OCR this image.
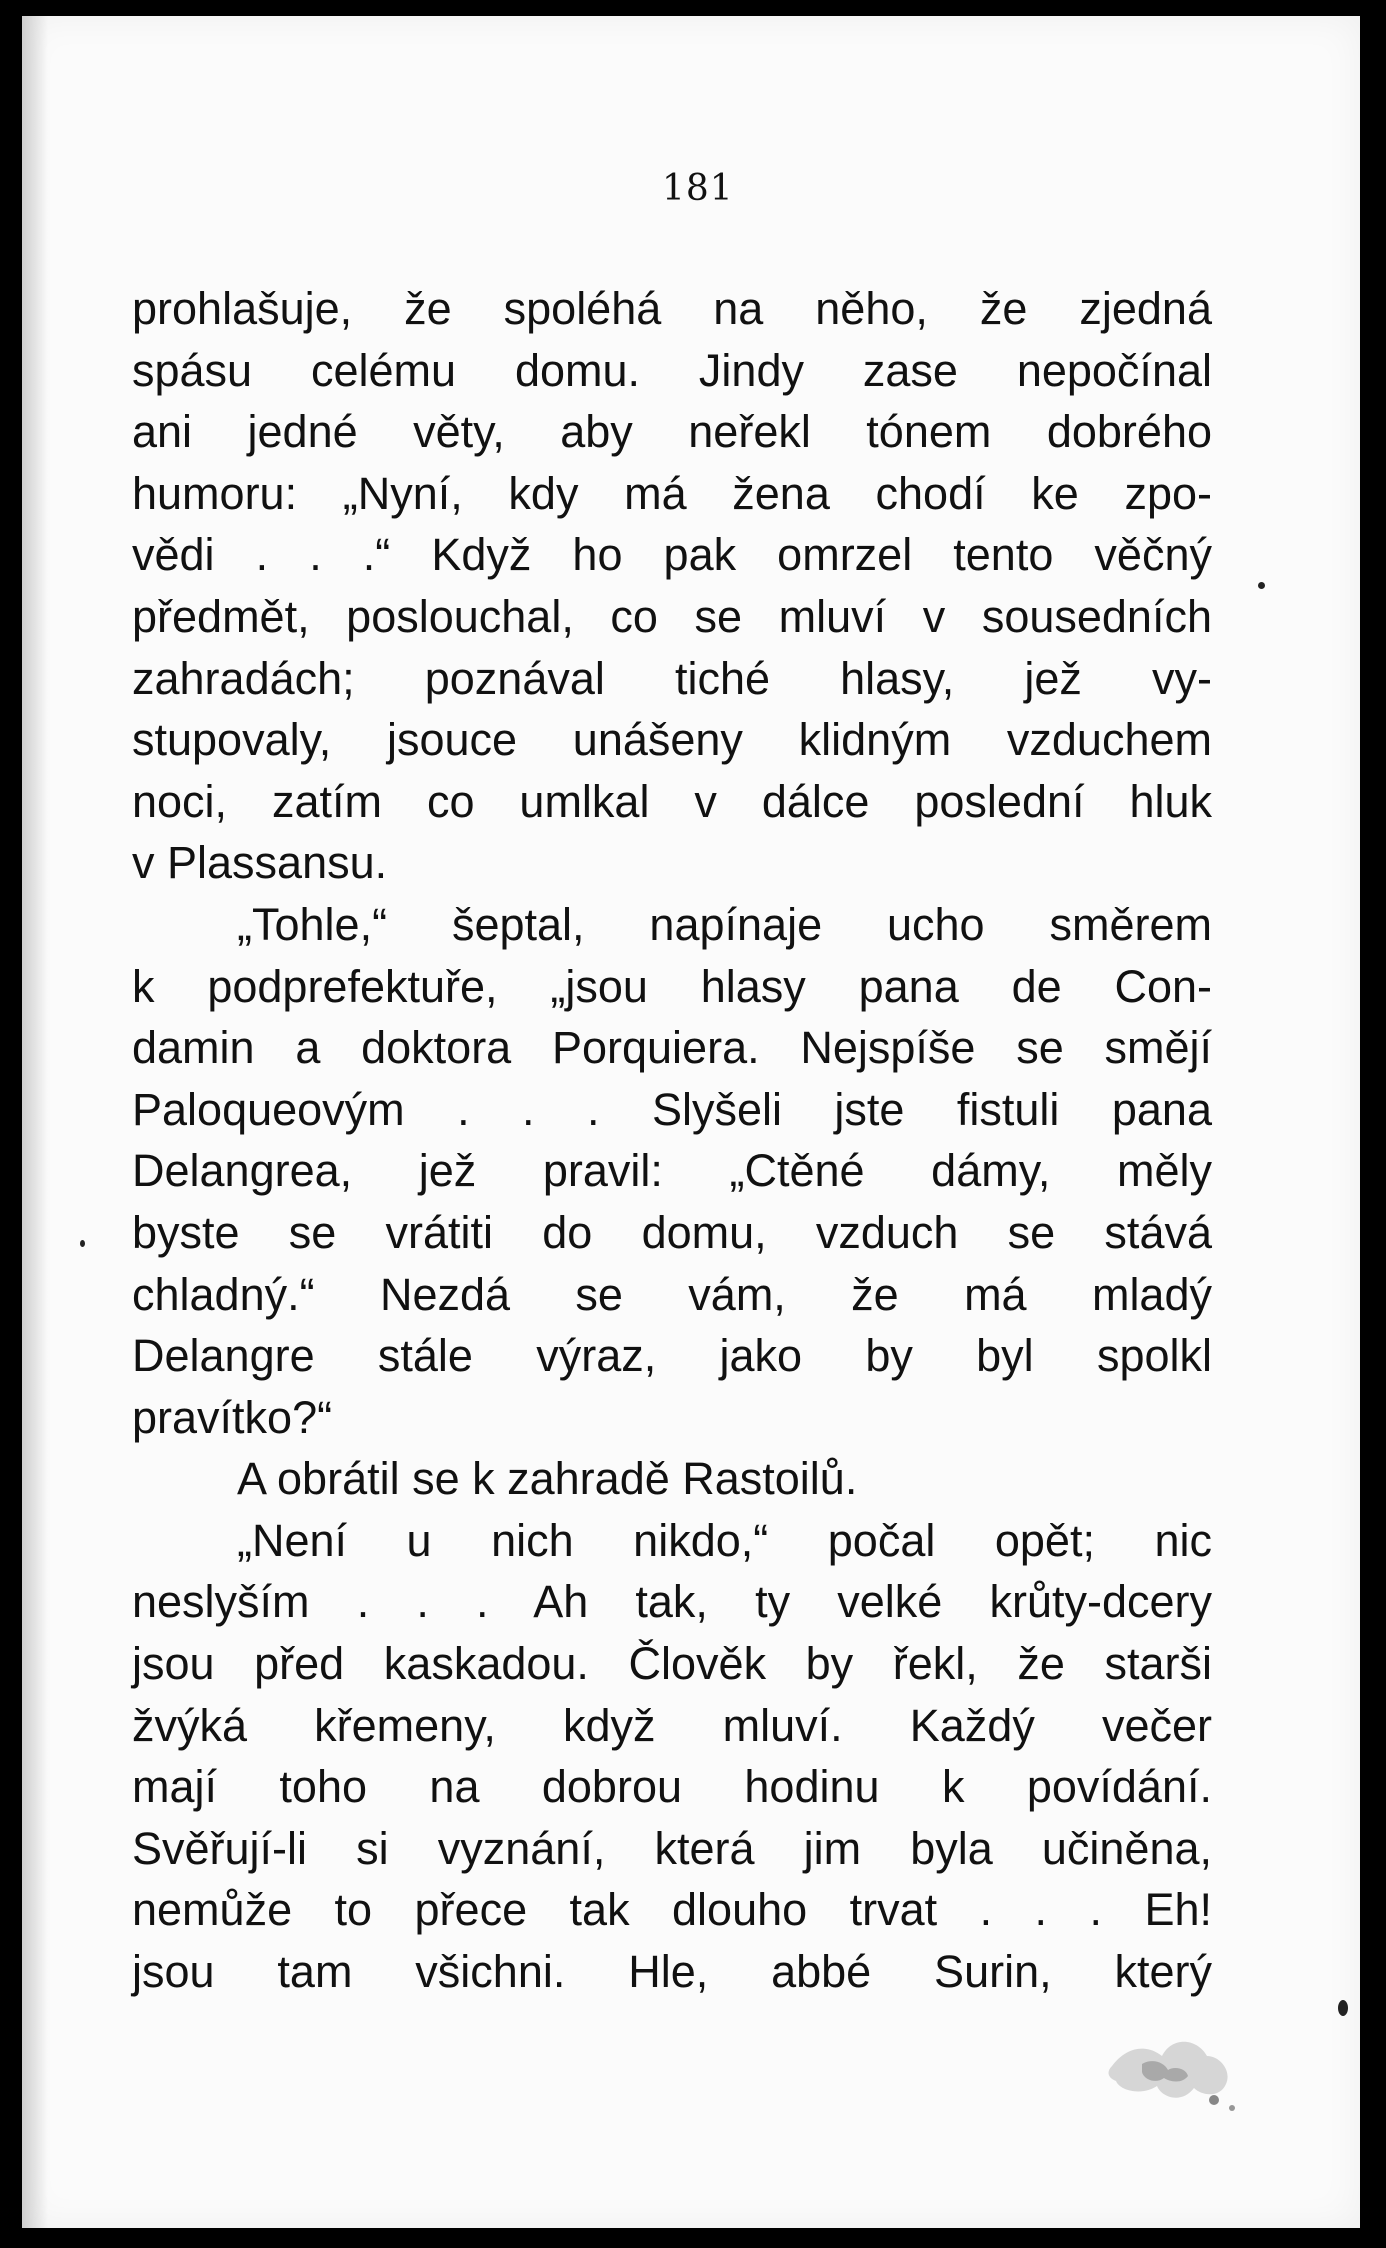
181
prohlašuje, že spoléhá na něho, že zjedná
spásu celému domu. Jindy zase nepočínal
ani jedné věty, aby neřekl tónem dobrého
humoru: „Nyní, kdy má žena chodí ke zpo-
vědi . . .“ Když ho pak omrzel tento věčný
předmět, poslouchal, co se mluví v sousedních
zahradách; poznával tiché hlasy, jež vy-
stupovaly, jsouce unášeny klidným vzduchem
noci, zatím co umlkal v dálce poslední hluk
v Plassansu.
„Tohle,“ šeptal, napínaje ucho směrem
k podprefektuře, „jsou hlasy pana de Con-
damin a doktora Porquiera. Nejspíše se smějí
Paloqueovým . . . Slyšeli jste fistuli pana
Delangrea, jež pravil: „Ctěné dámy, měly
byste se vrátiti do domu, vzduch se stává
chladný.“ Nezdá se vám, že má mladý
Delangre stále výraz, jako by byl spolkl
pravítko?“
A obrátil se k zahradě Rastoilů.
„Není u nich nikdo,“ počal opět; nic
neslyším . . . Ah tak, ty velké krůty-dcery
jsou před kaskadou. Člověk by řekl, že starši
žvýká křemeny, když mluví. Každý večer
mají toho na dobrou hodinu k povídání.
Svěřují-li si vyznání, která jim byla učiněna,
nemůže to přece tak dlouho trvat . . . Eh!
jsou tam všichni. Hle, abbé Surin, který
